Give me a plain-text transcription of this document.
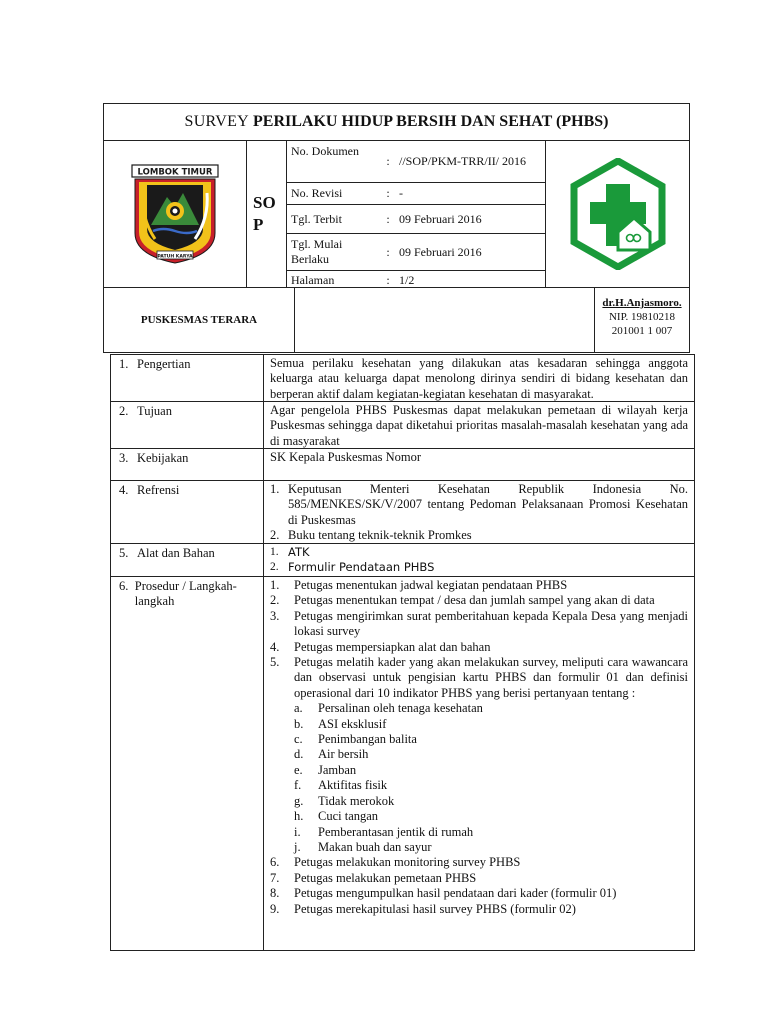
SURVEY
PERILAKU HIDUP BERSIH DAN SEHAT (PHBS)
LOMBOK TIMUR
PATUH KARYA
SO P
No. Dokumen
: //SOP/PKM-TRR/II/ 2016
No. Revisi	: -
Tgl. Terbit	: 09 Februari 2016
Tgl. Mulai Berlaku
: 09 Februari 2016
Halaman	: 1/2
PUSKESMAS TERARA
dr.H.Anjasmoro.
NIP. 19810218 201001 1 007
1. Pengertian	Semua perilaku kesehatan yang dilakukan atas kesadaran sehingga anggota keluarga atau keluarga dapat menolong dirinya sendiri di bidang kesehatan dan berperan aktif dalam kegiatan-kegiatan kesehatan di masyarakat.
2. Tujuan	Agar pengelola PHBS Puskesmas dapat melakukan pemetaan di wilayah kerja Puskesmas sehingga dapat diketahui prioritas masalah-masalah kesehatan yang ada di masyarakat
3. Kebijakan	SK Kepala Puskesmas Nomor
4. Refrensi	1. Keputusan Menteri Kesehatan Republik Indonesia No. 585/MENKES/SK/V/2007 tentang Pedoman Pelaksanaan Promosi Kesehatan di Puskesmas
2. Buku tentang teknik-teknik Promkes
5. Alat dan Bahan	1. ATK
2. Formulir Pendataan PHBS
6. Prosedur / Langkah-langkah
1.	Petugas menentukan jadwal kegiatan pendataan PHBS
2.	Petugas menentukan tempat / desa dan jumlah sampel yang akan di data
3.	Petugas mengirimkan surat pemberitahuan kepada Kepala Desa yang menjadi lokasi survey
4.	Petugas mempersiapkan alat dan bahan
5.	Petugas melatih kader yang akan melakukan survey, meliputi cara wawancara dan observasi untuk pengisian kartu PHBS dan formulir 01 dan definisi operasional dari 10 indikator PHBS yang berisi pertanyaan tentang :
a.	Persalinan oleh tenaga kesehatan
b.	ASI eksklusif
c.	Penimbangan balita
d.	Air bersih
e.	Jamban
f.	Aktifitas fisik
g.	Tidak merokok
h.	Cuci tangan
i.	Pemberantasan jentik di rumah
j.	Makan buah dan sayur
6.	Petugas melakukan monitoring survey PHBS
7.	Petugas melakukan pemetaan PHBS
8.	Petugas mengumpulkan hasil pendataan dari kader (formulir 01)
9.	Petugas merekapitulasi hasil survey PHBS (formulir 02)
